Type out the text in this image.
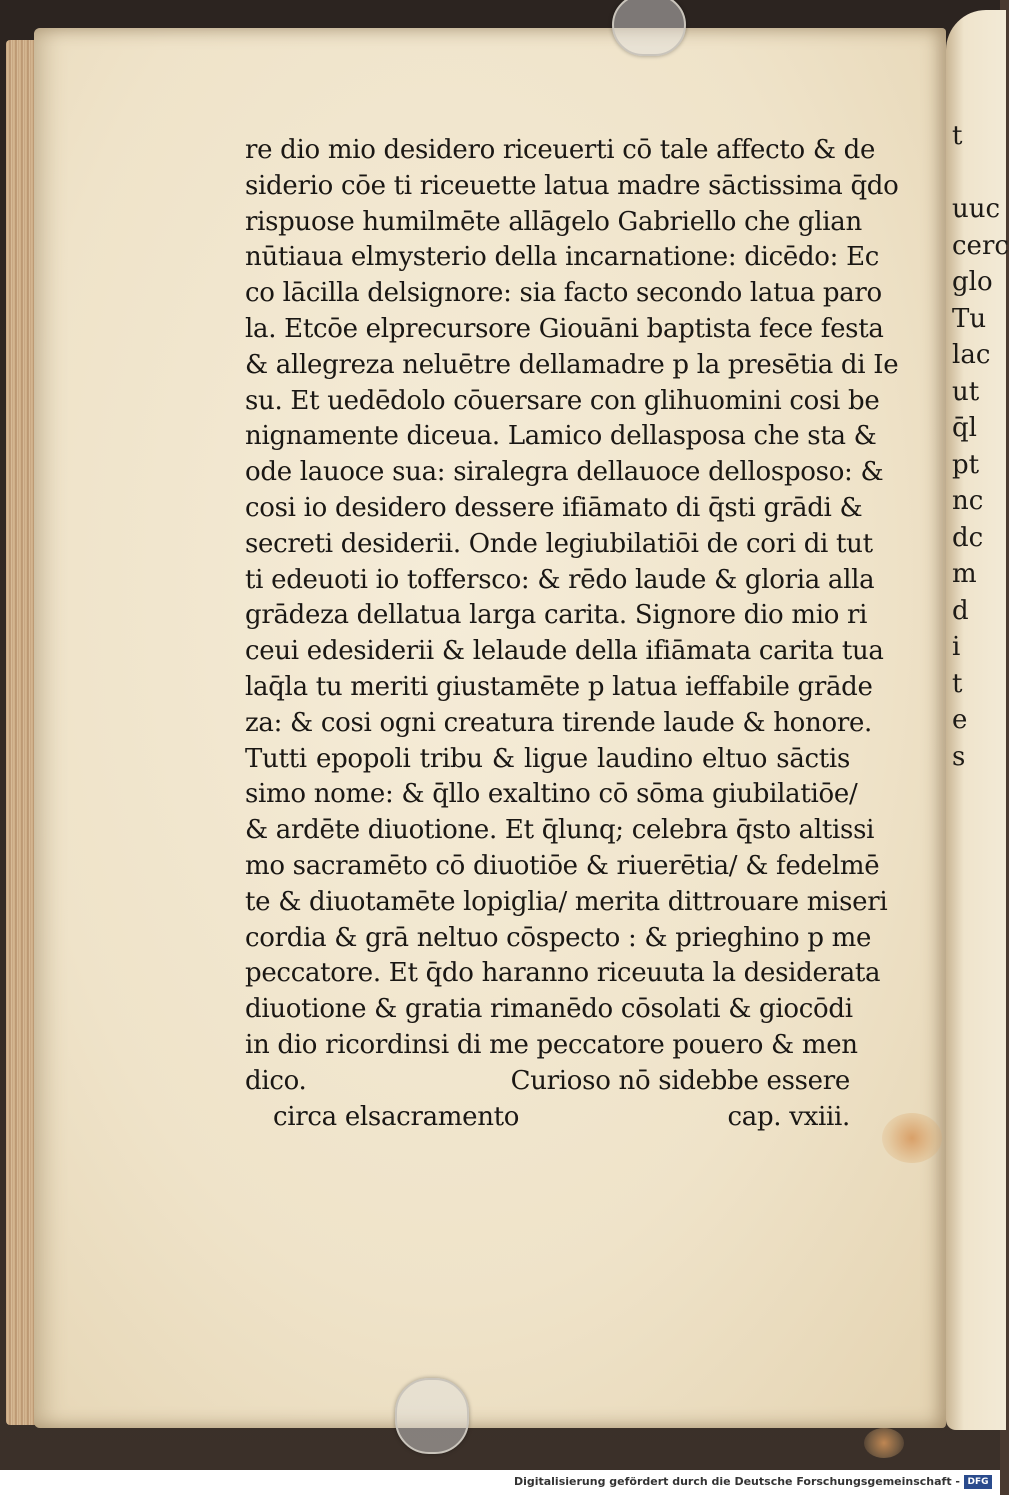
t
uuc
cerc
glo
Tu
lac
ut
q̄l
pt
nc
dc
m
d
i
t
e
s
re dio mio desidero riceuerti cō tale affecto & de
siderio cōe ti riceuette latua madre sāctissima q̄do
rispuose humilmēte allāgelo Gabriello che glian
nūtiaua elmysterio della incarnatione: dicēdo: Ec
co lācilla delsignore: sia facto secondo latua paro
la. Etcōe elprecursore Giouāni baptista fece festa
& allegreza neluētre dellamadre p la presētia di Ie
su. Et uedēdolo cōuersare con glihuomini cosi be
nignamente diceua. Lamico dellasposa che sta &
ode lauoce sua: siralegra dellauoce dellosposo: &
cosi io desidero dessere ifiāmato di q̄sti grādi &
secreti desiderii. Onde legiubilatiōi de cori di tut
ti edeuoti io toffersco: & rēdo laude & gloria alla
grādeza dellatua larga carita. Signore dio mio ri
ceui edesiderii & lelaude della ifiāmata carita tua
laq̄la tu meriti giustamēte p latua ieffabile grāde
za: & cosi ogni creatura tirende laude & honore.
Tutti epopoli tribu & ligue laudino eltuo sāctis
simo nome: & q̄llo exaltino cō sōma giubilatiōe/
& ardēte diuotione. Et q̄lunq; celebra q̄sto altissi
mo sacramēto cō diuotiōe & riuerētia/ & fedelmē
te & diuotamēte lopiglia/ merita dittrouare miseri
cordia & grā neltuo cōspecto : & prieghino p me
peccatore. Et q̄do haranno riceuuta la desiderata
diuotione & gratia rimanēdo cōsolati & giocōdi
in dio ricordinsi di me peccatore pouero & men
dico.	Curioso nō sidebbe essere
circa elsacramento	cap. vxiii.
Digitalisierung gefördert durch die Deutsche Forschungsgemeinschaft - DFG
